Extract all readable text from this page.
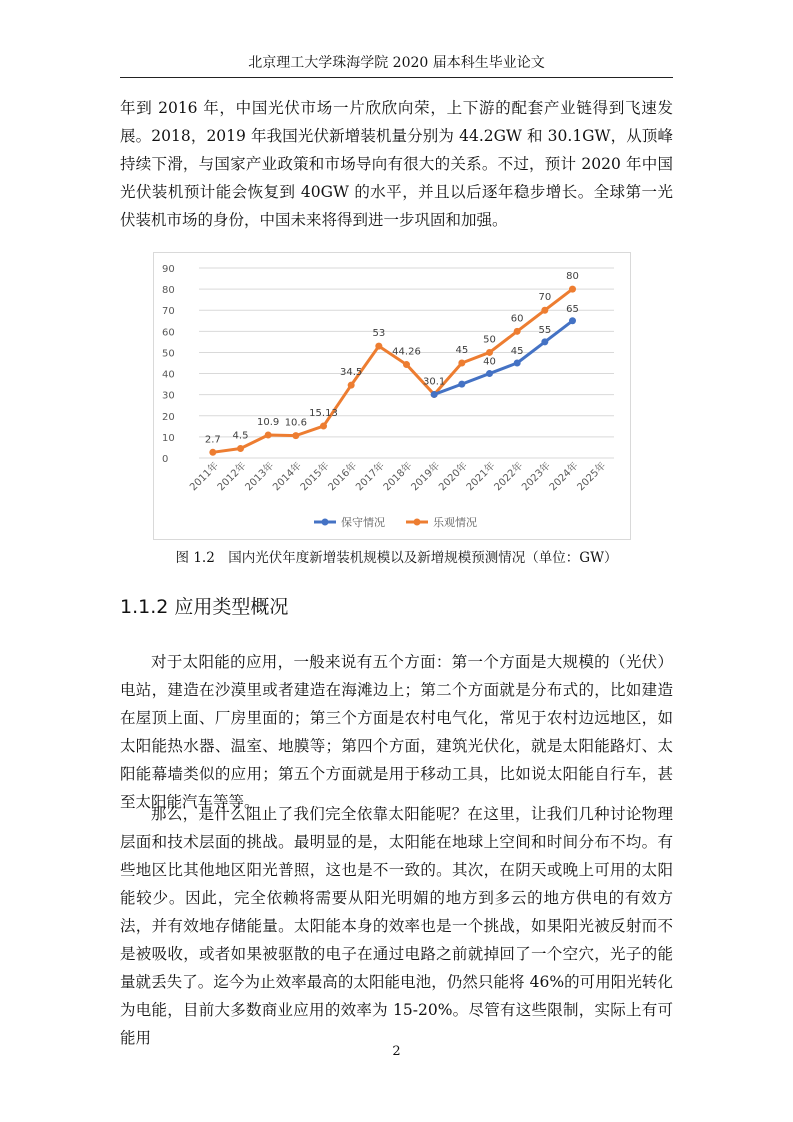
北京理工大学珠海学院 2020 届本科生毕业论文
年到 2016 年，中国光伏市场一片欣欣向荣，上下游的配套产业链得到飞速发展。2018，2019 年我国光伏新增装机量分别为 44.2GW 和 30.1GW，从顶峰持续下滑，与国家产业政策和市场导向有很大的关系。不过，预计 2020 年中国光伏装机预计能会恢复到 40GW 的水平，并且以后逐年稳步增长。全球第一光伏装机市场的身份，中国未来将得到进一步巩固和加强。
0
10
20
30
40
50
60
70
80
90
2011年
2012年
2013年
2014年
2015年
2016年
2017年
2018年
2019年
2020年
2021年
2022年
2023年
2024年
2025年
2.7 4.5
10.9 10.6
15.13
34.5
53
44.26
30.1
45
50
60
70
80
40
45
55
65
保守情况	乐观情况
图 1.2　国内光伏年度新增装机规模以及新增规模预测情况（单位：GW）
1.1.2 应用类型概况
对于太阳能的应用，一般来说有五个方面：第一个方面是大规模的（光伏）电站，建造在沙漠里或者建造在海滩边上；第二个方面就是分布式的，比如建造在屋顶上面、厂房里面的；第三个方面是农村电气化，常见于农村边远地区，如太阳能热水器、温室、地膜等；第四个方面，建筑光伏化，就是太阳能路灯、太阳能幕墙类似的应用；第五个方面就是用于移动工具，比如说太阳能自行车，甚至太阳能汽车等等。
那么，是什么阻止了我们完全依靠太阳能呢？在这里，让我们几种讨论物理层面和技术层面的挑战。最明显的是，太阳能在地球上空间和时间分布不均。有些地区比其他地区阳光普照，这也是不一致的。其次，在阴天或晚上可用的太阳能较少。因此，完全依赖将需要从阳光明媚的地方到多云的地方供电的有效方法，并有效地存储能量。太阳能本身的效率也是一个挑战，如果阳光被反射而不是被吸收，或者如果被驱散的电子在通过电路之前就掉回了一个空穴，光子的能量就丢失了。迄今为止效率最高的太阳能电池，仍然只能将 46%的可用阳光转化为电能，目前大多数商业应用的效率为 15-20%。尽管有这些限制，实际上有可能用
2
